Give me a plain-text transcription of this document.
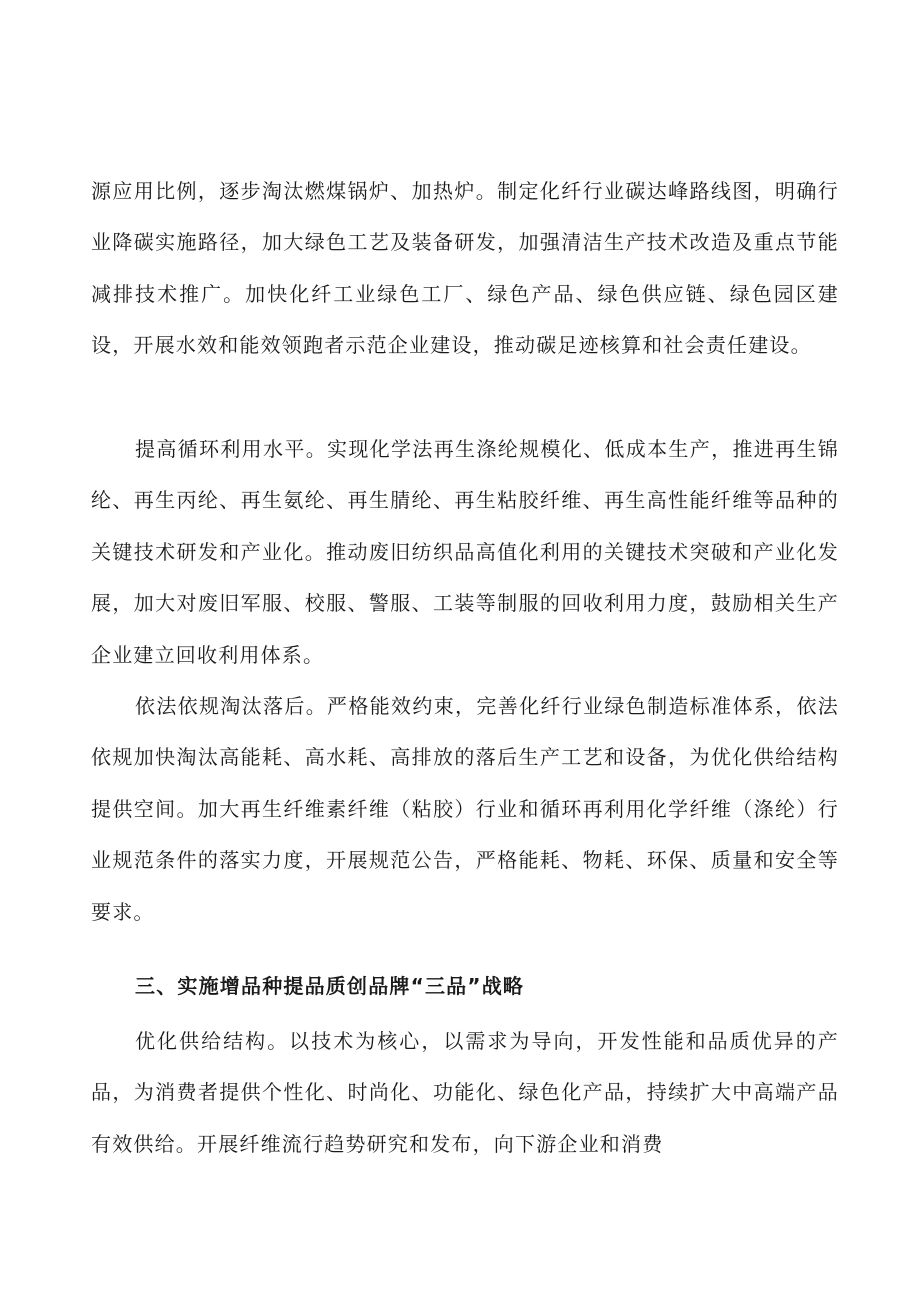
源应用比例，逐步淘汰燃煤锅炉、加热炉。制定化纤行业碳达峰路线图，明确行业降碳实施路径，加大绿色工艺及装备研发，加强清洁生产技术改造及重点节能减排技术推广。加快化纤工业绿色工厂、绿色产品、绿色供应链、绿色园区建设，开展水效和能效领跑者示范企业建设，推动碳足迹核算和社会责任建设。

提高循环利用水平。实现化学法再生涤纶规模化、低成本生产，推进再生锦纶、再生丙纶、再生氨纶、再生腈纶、再生粘胶纤维、再生高性能纤维等品种的关键技术研发和产业化。推动废旧纺织品高值化利用的关键技术突破和产业化发展，加大对废旧军服、校服、警服、工装等制服的回收利用力度，鼓励相关生产企业建立回收利用体系。

依法依规淘汰落后。严格能效约束，完善化纤行业绿色制造标准体系，依法依规加快淘汰高能耗、高水耗、高排放的落后生产工艺和设备，为优化供给结构提供空间。加大再生纤维素纤维（粘胶）行业和循环再利用化学纤维（涤纶）行业规范条件的落实力度，开展规范公告，严格能耗、物耗、环保、质量和安全等要求。

三、实施增品种提品质创品牌“三品”战略

优化供给结构。以技术为核心，以需求为导向，开发性能和品质优异的产品，为消费者提供个性化、时尚化、功能化、绿色化产品，持续扩大中高端产品有效供给。开展纤维流行趋势研究和发布，向下游企业和消费
